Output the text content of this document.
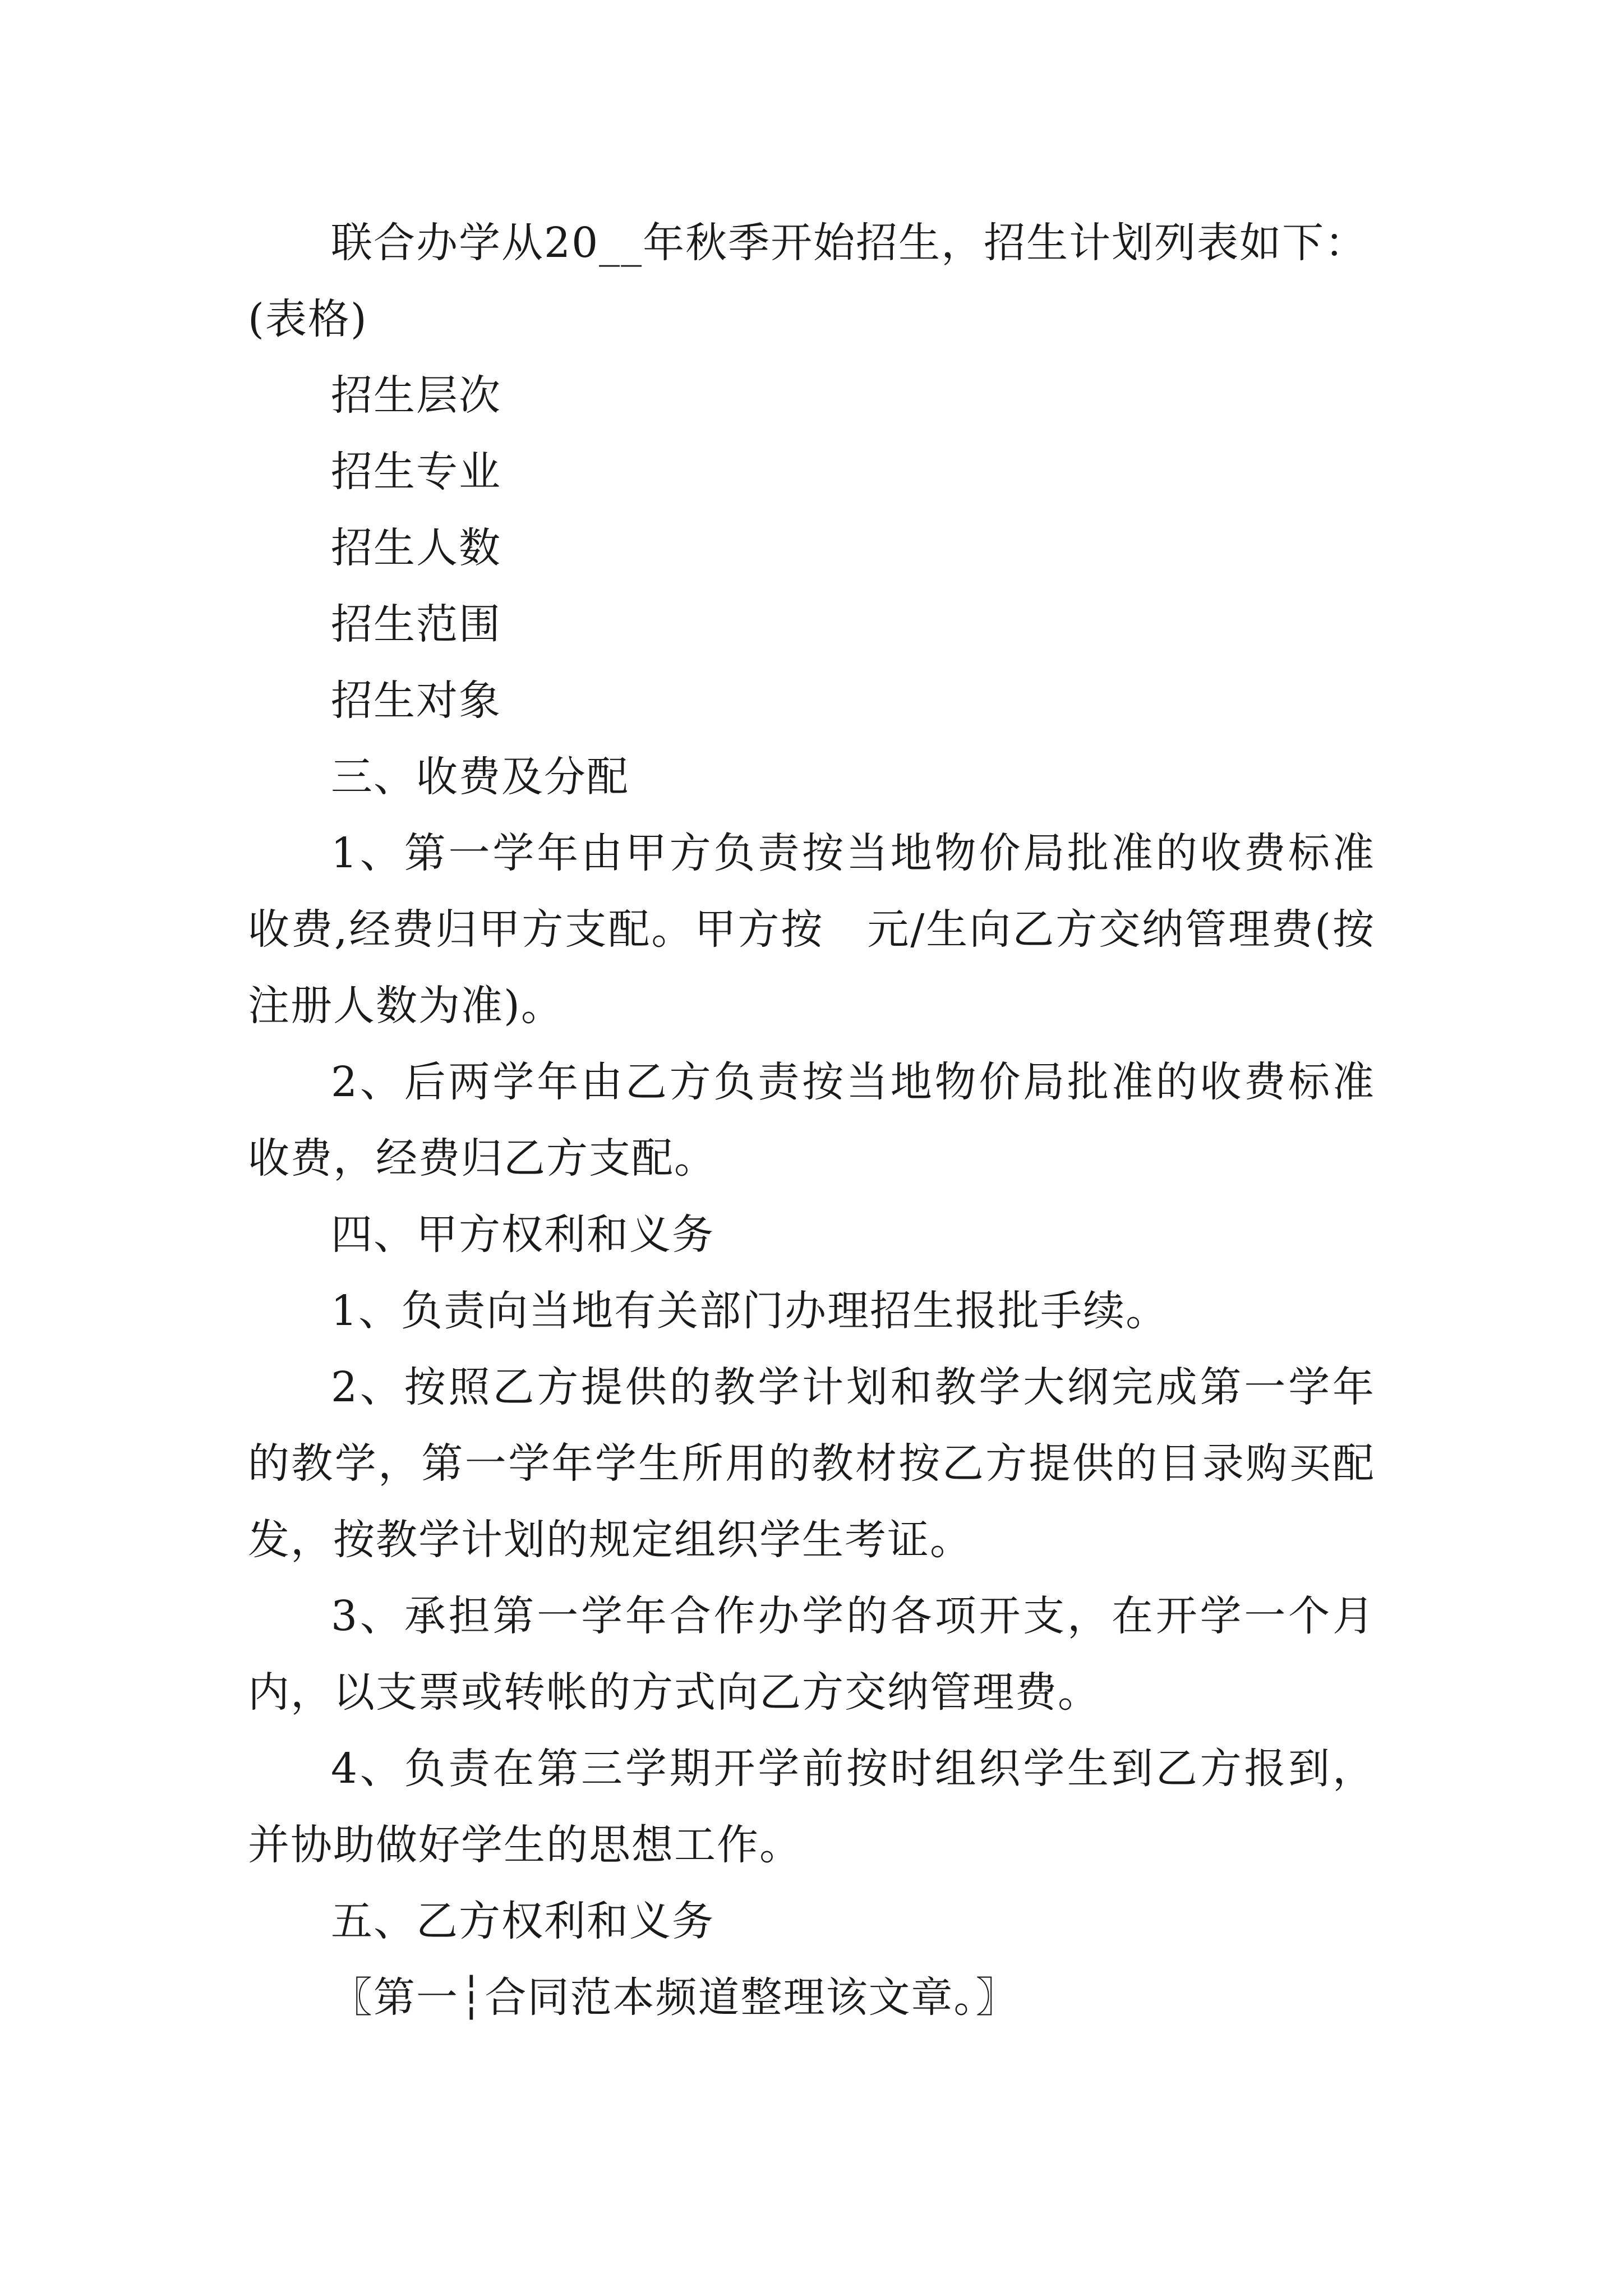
联合办学从20__年秋季开始招生，招生计划列表如下：

(表格)

招生层次

招生专业

招生人数

招生范围

招生对象

三、收费及分配

1、第一学年由甲方负责按当地物价局批准的收费标准收费,经费归甲方支配。甲方按　元/生向乙方交纳管理费(按注册人数为准)。

2、后两学年由乙方负责按当地物价局批准的收费标准收费，经费归乙方支配。

四、甲方权利和义务

1、负责向当地有关部门办理招生报批手续。

2、按照乙方提供的教学计划和教学大纲完成第一学年的教学，第一学年学生所用的教材按乙方提供的目录购买配发，按教学计划的规定组织学生考证。

3、承担第一学年合作办学的各项开支，在开学一个月内，以支票或转帐的方式向乙方交纳管理费。

4、负责在第三学期开学前按时组织学生到乙方报到，并协助做好学生的思想工作。

五、乙方权利和义务

〖第一┆合同范本频道整理该文章。〗
